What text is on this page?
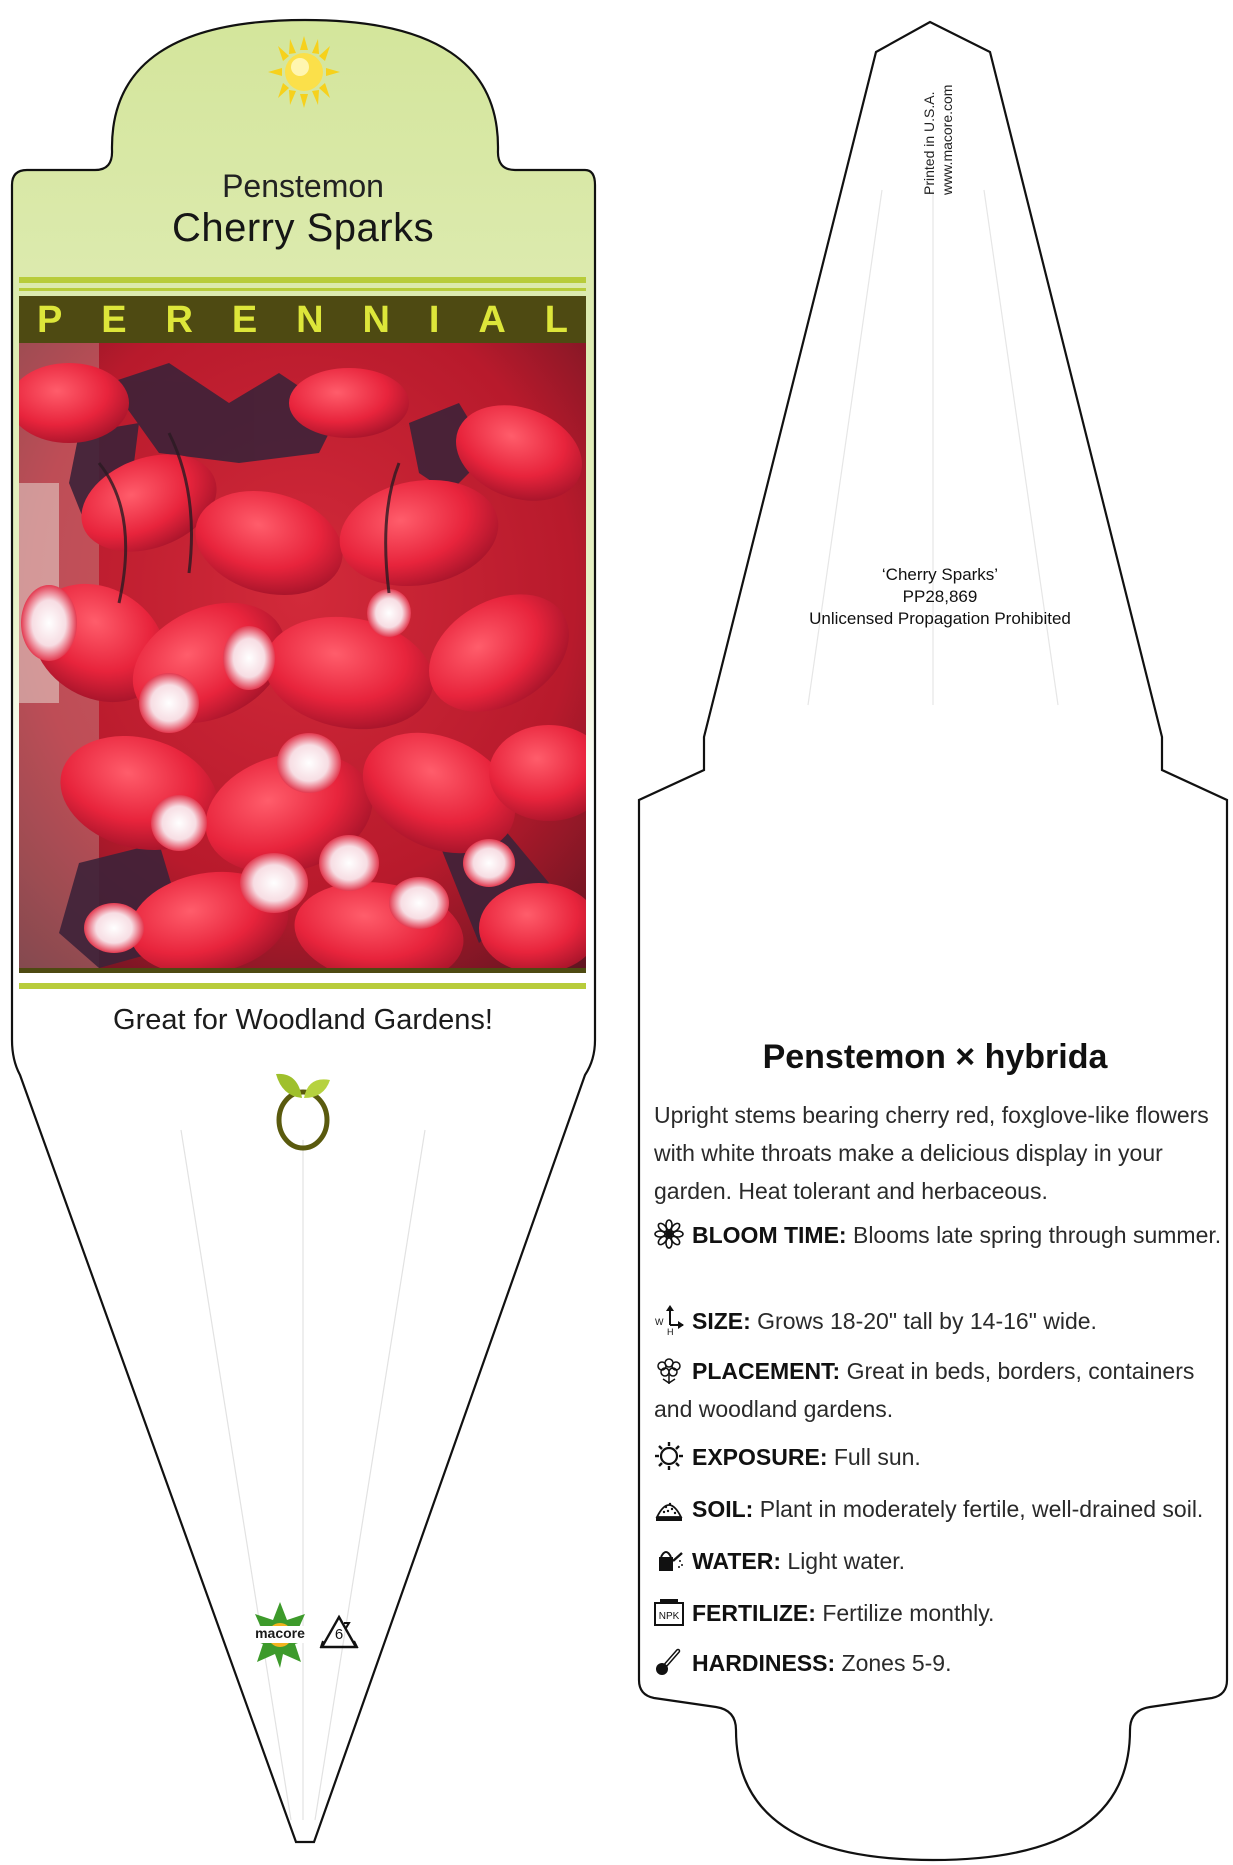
Penstemon
Cherry Sparks
P E R E N N I A L
Great for Woodland Gardens!
macore	6
Printed in U.S.A. www.macore.com
‘Cherry Sparks’
PP28,869
Unlicensed Propagation Prohibited
Penstemon × hybrida
Upright stems bearing cherry red, foxglove-like flowers with white throats make a delicious display in your garden. Heat tolerant and herbaceous.
BLOOM TIME: Blooms late spring through summer.
W
H SIZE: Grows 18-20" tall by 14-16" wide.
PLACEMENT: Great in beds, borders, containers and woodland gardens.
EXPOSURE: Full sun.
SOIL: Plant in moderately fertile, well-drained soil.
WATER: Light water.
NPK FERTILIZE: Fertilize monthly.
HARDINESS: Zones 5-9.
